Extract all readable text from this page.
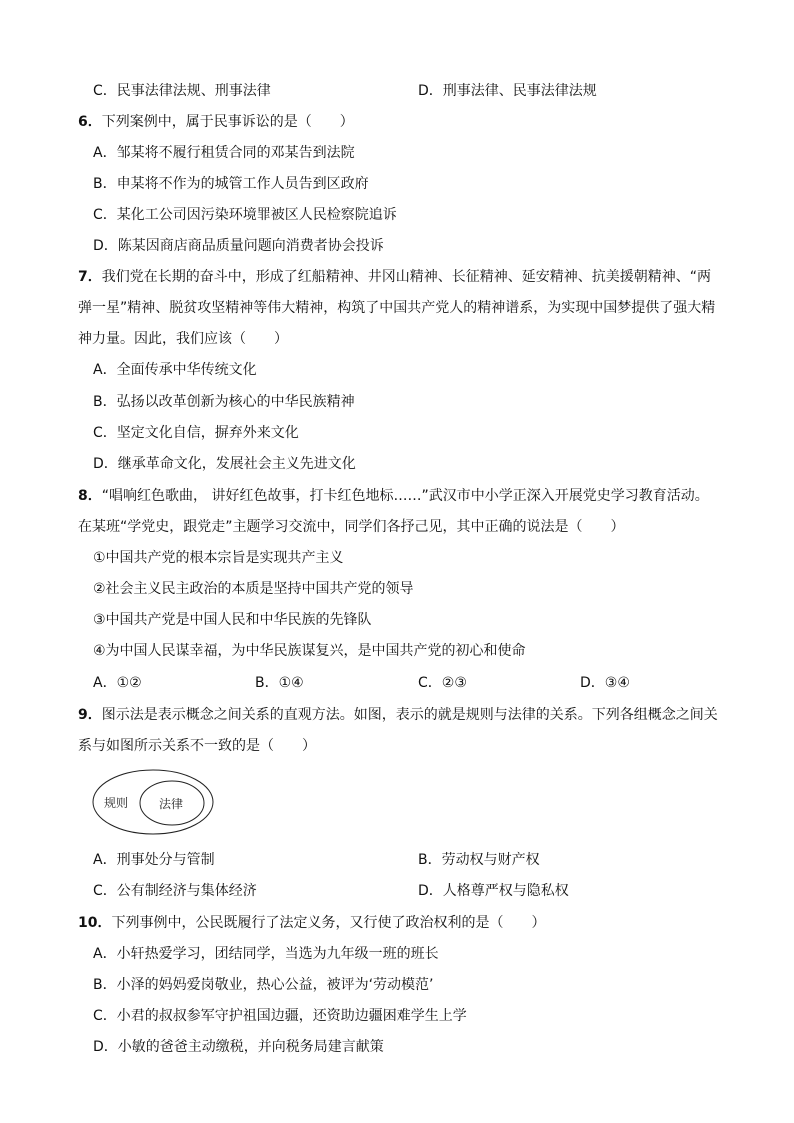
C．民事法律法规、刑事法律	D．刑事法律、民事法律法规
6．下列案例中，属于民事诉讼的是（　　）
A．邹某将不履行租赁合同的邓某告到法院
B．申某将不作为的城管工作人员告到区政府
C．某化工公司因污染环境罪被区人民检察院追诉
D．陈某因商店商品质量问题向消费者协会投诉
7．我们党在长期的奋斗中，形成了红船精神、井冈山精神、长征精神、延安精神、抗美援朝精神、“两
弹一星”精神、脱贫攻坚精神等伟大精神，构筑了中国共产党人的精神谱系，为实现中国梦提供了强大精
神力量。因此，我们应该（　　）
A．全面传承中华传统文化
B．弘扬以改革创新为核心的中华民族精神
C．坚定文化自信，摒弃外来文化
D．继承革命文化，发展社会主义先进文化
8．“唱响红色歌曲， 讲好红色故事，打卡红色地标……”武汉市中小学正深入开展党史学习教育活动。
在某班“学党史，跟党走”主题学习交流中，同学们各抒己见，其中正确的说法是（　　）
①中国共产党的根本宗旨是实现共产主义
②社会主义民主政治的本质是坚持中国共产党的领导
③中国共产党是中国人民和中华民族的先锋队
④为中国人民谋幸福，为中华民族谋复兴，是中国共产党的初心和使命
A．①②	B．①④	C．②③	D．③④
9．图示法是表示概念之间关系的直观方法。如图，表示的就是规则与法律的关系。下列各组概念之间关
系与如图所示关系不一致的是（　　）
规则	法律
A．刑事处分与管制	B．劳动权与财产权
C．公有制经济与集体经济	D．人格尊严权与隐私权
10．下列事例中，公民既履行了法定义务，又行使了政治权利的是（　　）
A．小轩热爱学习，团结同学，当选为九年级一班的班长
B．小泽的妈妈爱岗敬业，热心公益，被评为‘劳动模范’
C．小君的叔叔参军守护祖国边疆，还资助边疆困难学生上学
D．小敏的爸爸主动缴税，并向税务局建言献策
